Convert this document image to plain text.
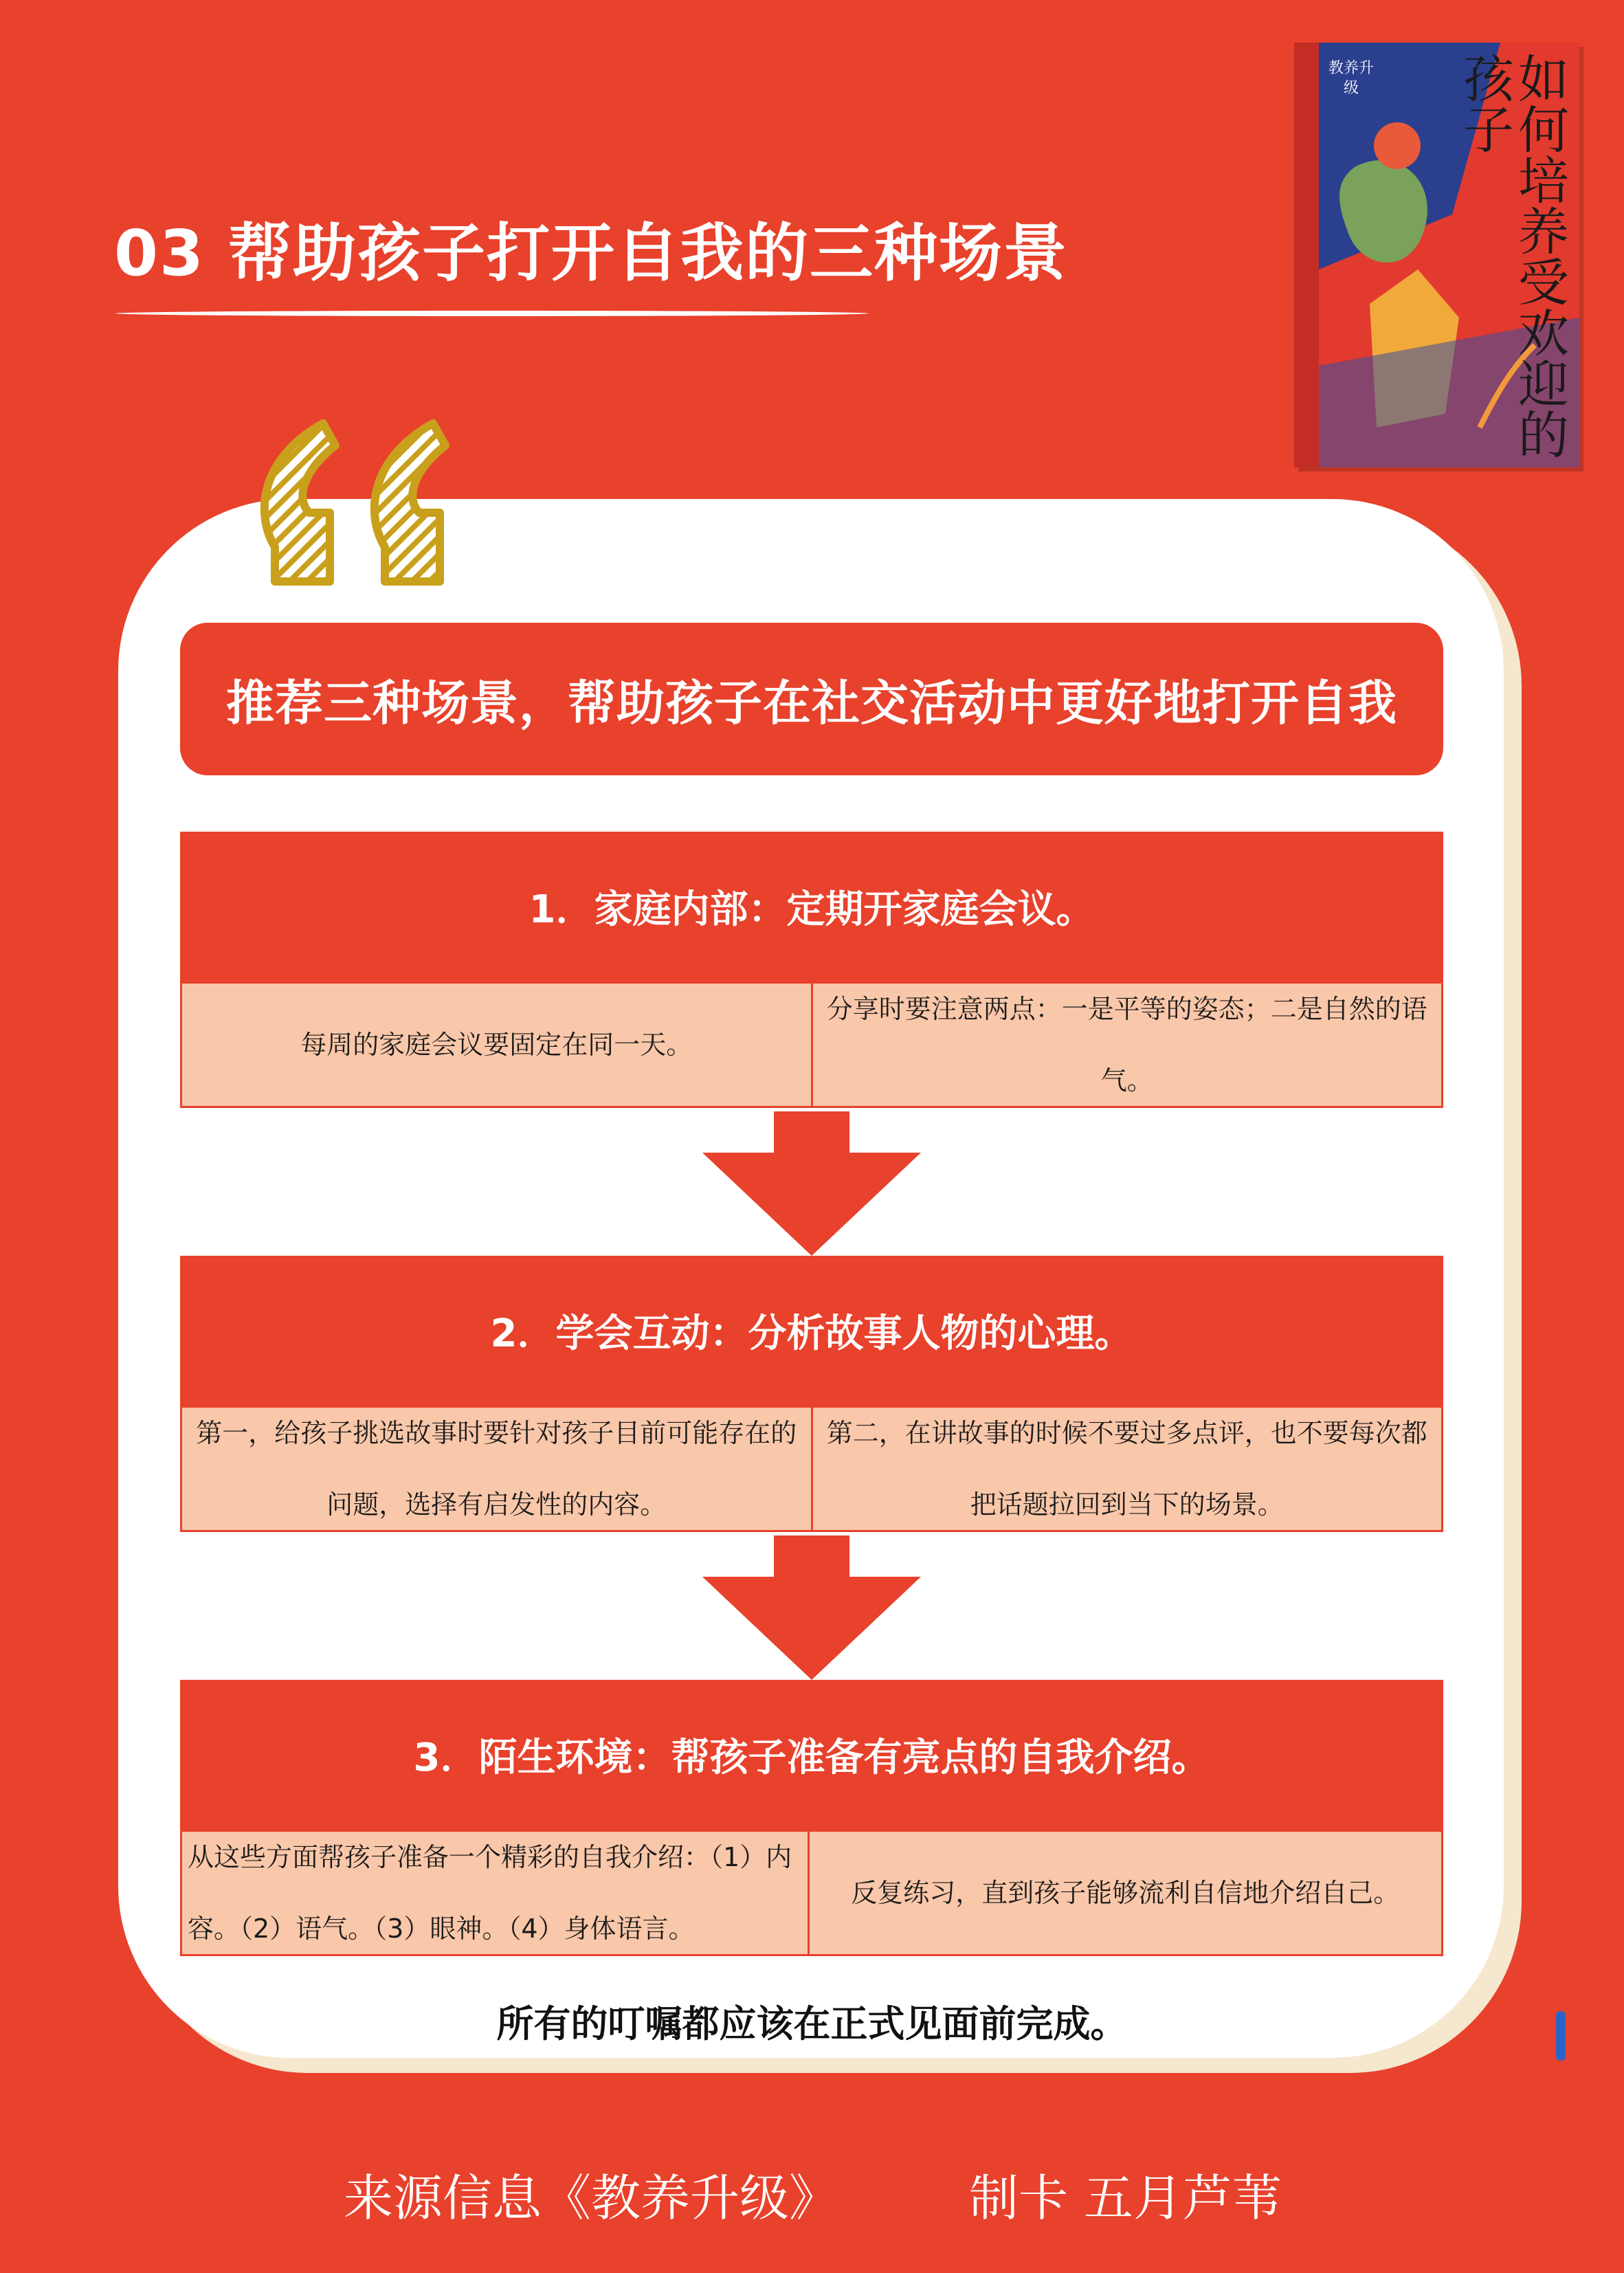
03 帮助孩子打开自我的三种场景
教养升级	如何培养受欢迎的
孩子
推荐三种场景，帮助孩子在社交活动中更好地打开自我
1．家庭内部：定期开家庭会议。
每周的家庭会议要固定在同一天。
分享时要注意两点：一是平等的姿态；二是自然的语气。
2．学会互动：分析故事人物的心理。
第一，给孩子挑选故事时要针对孩子目前可能存在的问题，选择有启发性的内容。
第二，在讲故事的时候不要过多点评，也不要每次都把话题拉回到当下的场景。
3．陌生环境：帮孩子准备有亮点的自我介绍。
从这些方面帮孩子准备一个精彩的自我介绍：（1）内容。（2）语气。（3）眼神。（4）身体语言。
反复练习，直到孩子能够流利自信地介绍自己。
所有的叮嘱都应该在正式见面前完成。
来源信息《教养升级》	制卡 五月芦苇
